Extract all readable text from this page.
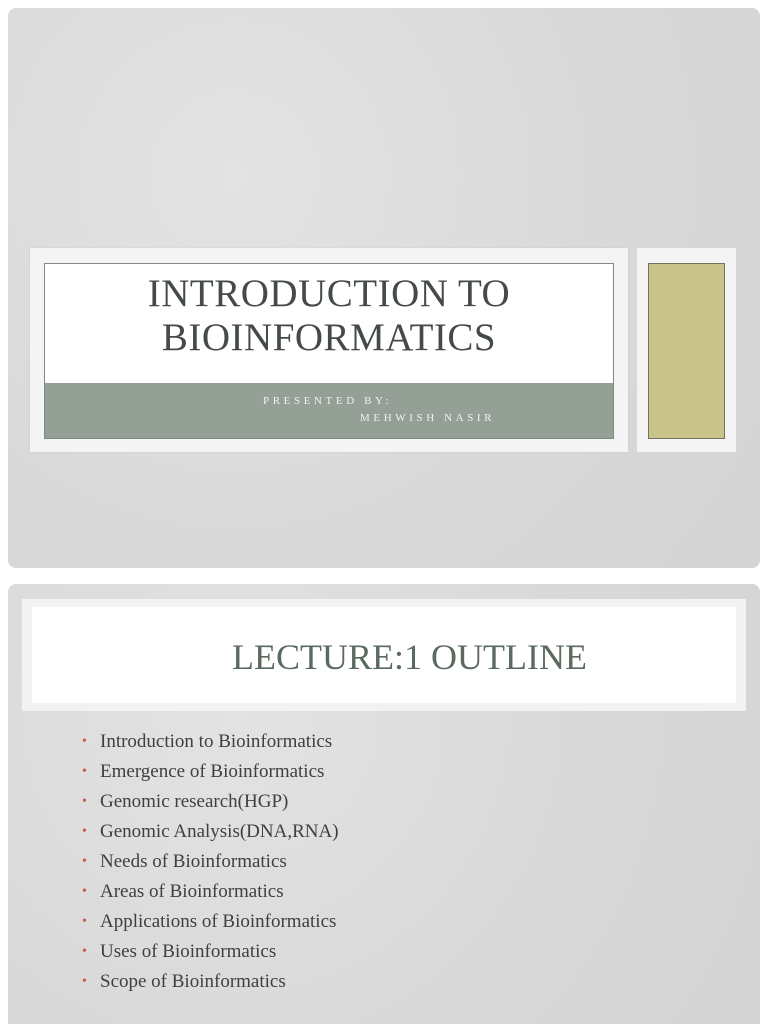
INTRODUCTION TO
BIOINFORMATICS
PRESENTED BY:
MEHWISH NASIR
LECTURE:1 OUTLINE
• Introduction to Bioinformatics
• Emergence of Bioinformatics
• Genomic research(HGP)
• Genomic Analysis(DNA,RNA)
• Needs of Bioinformatics
• Areas of Bioinformatics
• Applications of Bioinformatics
• Uses of Bioinformatics
• Scope of Bioinformatics
